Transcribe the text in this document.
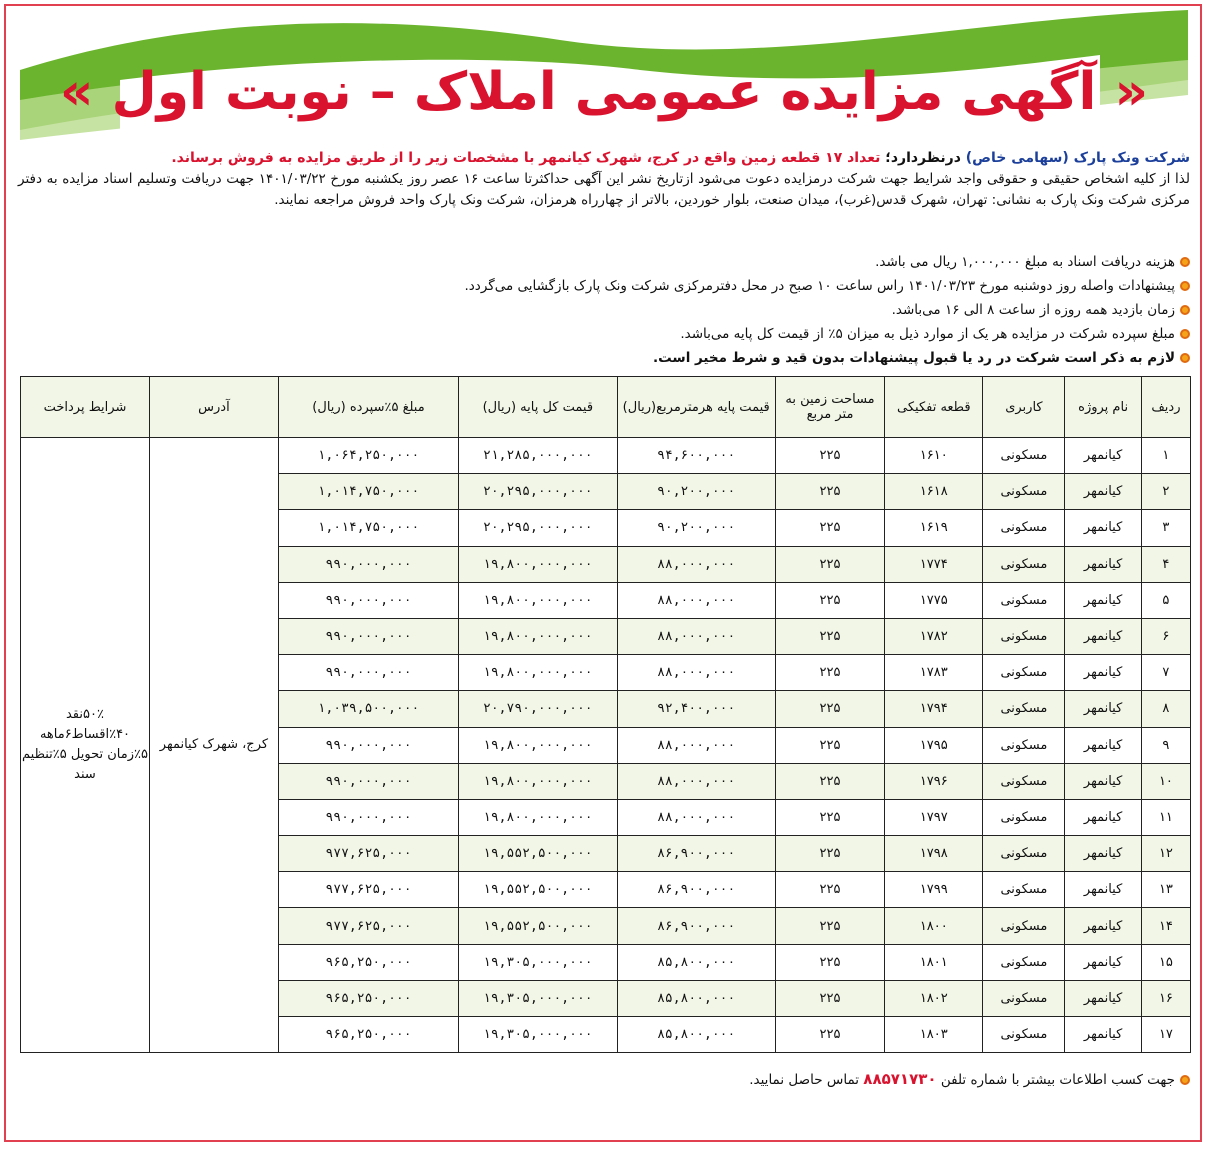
« آگهی مزایده عمومی املاک – نوبت اول »
شرکت ونک پارک (سهامی خاص) درنظردارد؛ تعداد ۱۷ قطعه زمین واقع در کرج، شهرک کیانمهر با مشخصات زیر را از طریق مزایده به فروش برساند.
لذا از کلیه اشخاص حقیقی و حقوقی واجد شرایط جهت شرکت درمزایده دعوت می‌شود ازتاریخ نشر این آگهی حداکثرتا ساعت ۱۶ عصر روز یکشنبه مورخ ۱۴۰۱/۰۳/۲۲ جهت دریافت وتسلیم اسناد مزایده به دفتر مرکزی شرکت ونک پارک به نشانی: تهران، شهرک قدس(غرب)، میدان صنعت، بلوار خوردین، بالاتر از چهارراه هرمزان، شرکت ونک پارک واحد فروش مراجعه نمایند.
هزینه دریافت اسناد به مبلغ ۱,۰۰۰,۰۰۰ ریال می باشد.
پیشنهادات واصله روز دوشنبه مورخ ۱۴۰۱/۰۳/۲۳ راس ساعت ۱۰ صبح در محل دفترمرکزی شرکت ونک پارک بازگشایی می‌گردد.
زمان بازدید همه روزه از ساعت ۸ الی ۱۶ می‌باشد.
مبلغ سپرده شرکت در مزایده هر یک از موارد ذیل به میزان ۵٪ از قیمت کل پایه می‌باشد.
لازم به ذکر است شرکت در رد یا قبول پیشنهادات بدون قید و شرط مخیر است.
ردیف	نام پروژه	کاربری	قطعه تفکیکی	مساحت زمین به متر مربع	قیمت پایه هرمترمربع(ریال)	قیمت کل پایه (ریال)	مبلغ ۵٪سپرده (ریال)	آدرس	شرایط پرداخت
۱	کیانمهر	مسکونی	۱۶۱۰	۲۲۵	۹۴,۶۰۰,۰۰۰	۲۱,۲۸۵,۰۰۰,۰۰۰	۱,۰۶۴,۲۵۰,۰۰۰	کرج، شهرک کیانمهر	۵۰٪نقد ۴۰٪اقساط۶ماهه ۵٪زمان تحویل ۵٪تنظیم سند
۲	کیانمهر	مسکونی	۱۶۱۸	۲۲۵	۹۰,۲۰۰,۰۰۰	۲۰,۲۹۵,۰۰۰,۰۰۰	۱,۰۱۴,۷۵۰,۰۰۰		
۳	کیانمهر	مسکونی	۱۶۱۹	۲۲۵	۹۰,۲۰۰,۰۰۰	۲۰,۲۹۵,۰۰۰,۰۰۰	۱,۰۱۴,۷۵۰,۰۰۰		
۴	کیانمهر	مسکونی	۱۷۷۴	۲۲۵	۸۸,۰۰۰,۰۰۰	۱۹,۸۰۰,۰۰۰,۰۰۰	۹۹۰,۰۰۰,۰۰۰		
۵	کیانمهر	مسکونی	۱۷۷۵	۲۲۵	۸۸,۰۰۰,۰۰۰	۱۹,۸۰۰,۰۰۰,۰۰۰	۹۹۰,۰۰۰,۰۰۰		
۶	کیانمهر	مسکونی	۱۷۸۲	۲۲۵	۸۸,۰۰۰,۰۰۰	۱۹,۸۰۰,۰۰۰,۰۰۰	۹۹۰,۰۰۰,۰۰۰		
۷	کیانمهر	مسکونی	۱۷۸۳	۲۲۵	۸۸,۰۰۰,۰۰۰	۱۹,۸۰۰,۰۰۰,۰۰۰	۹۹۰,۰۰۰,۰۰۰		
۸	کیانمهر	مسکونی	۱۷۹۴	۲۲۵	۹۲,۴۰۰,۰۰۰	۲۰,۷۹۰,۰۰۰,۰۰۰	۱,۰۳۹,۵۰۰,۰۰۰		
۹	کیانمهر	مسکونی	۱۷۹۵	۲۲۵	۸۸,۰۰۰,۰۰۰	۱۹,۸۰۰,۰۰۰,۰۰۰	۹۹۰,۰۰۰,۰۰۰		
۱۰	کیانمهر	مسکونی	۱۷۹۶	۲۲۵	۸۸,۰۰۰,۰۰۰	۱۹,۸۰۰,۰۰۰,۰۰۰	۹۹۰,۰۰۰,۰۰۰		
۱۱	کیانمهر	مسکونی	۱۷۹۷	۲۲۵	۸۸,۰۰۰,۰۰۰	۱۹,۸۰۰,۰۰۰,۰۰۰	۹۹۰,۰۰۰,۰۰۰		
۱۲	کیانمهر	مسکونی	۱۷۹۸	۲۲۵	۸۶,۹۰۰,۰۰۰	۱۹,۵۵۲,۵۰۰,۰۰۰	۹۷۷,۶۲۵,۰۰۰		
۱۳	کیانمهر	مسکونی	۱۷۹۹	۲۲۵	۸۶,۹۰۰,۰۰۰	۱۹,۵۵۲,۵۰۰,۰۰۰	۹۷۷,۶۲۵,۰۰۰		
۱۴	کیانمهر	مسکونی	۱۸۰۰	۲۲۵	۸۶,۹۰۰,۰۰۰	۱۹,۵۵۲,۵۰۰,۰۰۰	۹۷۷,۶۲۵,۰۰۰		
۱۵	کیانمهر	مسکونی	۱۸۰۱	۲۲۵	۸۵,۸۰۰,۰۰۰	۱۹,۳۰۵,۰۰۰,۰۰۰	۹۶۵,۲۵۰,۰۰۰		
۱۶	کیانمهر	مسکونی	۱۸۰۲	۲۲۵	۸۵,۸۰۰,۰۰۰	۱۹,۳۰۵,۰۰۰,۰۰۰	۹۶۵,۲۵۰,۰۰۰		
۱۷	کیانمهر	مسکونی	۱۸۰۳	۲۲۵	۸۵,۸۰۰,۰۰۰	۱۹,۳۰۵,۰۰۰,۰۰۰	۹۶۵,۲۵۰,۰۰۰		
جهت کسب اطلاعات بیشتر با شماره تلفن ۸۸۵۷۱۷۳۰ تماس حاصل نمایید.
